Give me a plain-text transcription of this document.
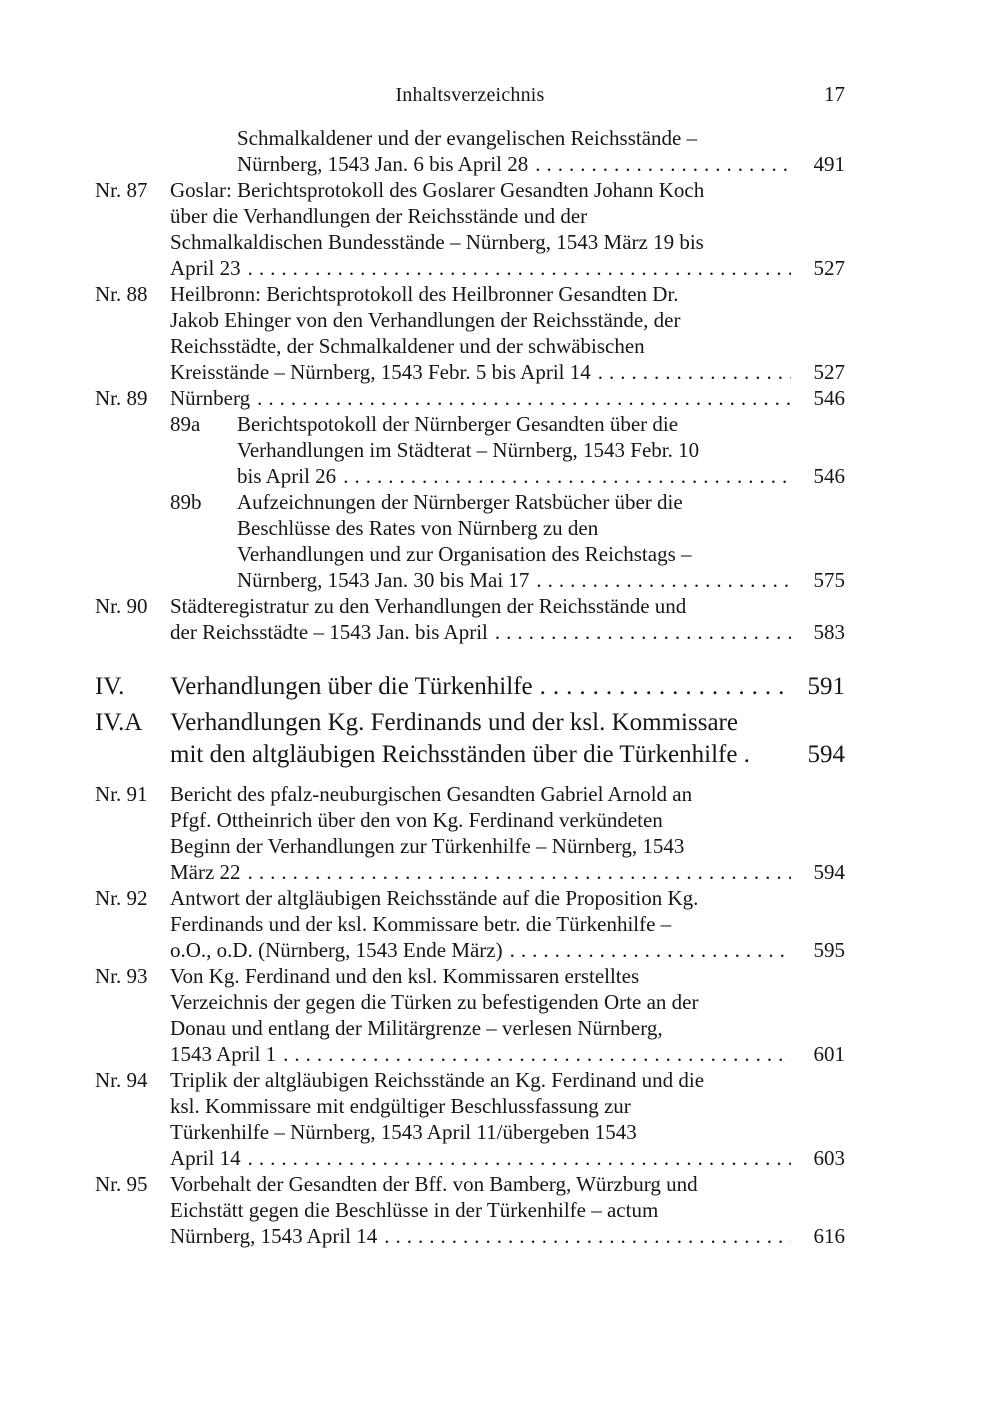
17
Inhaltsverzeichnis
Schmalkaldener und der evangelischen Reichsstände –
Nürnberg, 1543 Jan. 6 bis April 28 .....	491
Nr. 87	Goslar: Berichtsprotokoll des Goslarer Gesandten Johann Koch
über die Verhandlungen der Reichsstände und der
Schmalkaldischen Bundesstände – Nürnberg, 1543 März 19 bis
April 23 .....	527
Nr. 88	Heilbronn: Berichtsprotokoll des Heilbronner Gesandten Dr.
Jakob Ehinger von den Verhandlungen der Reichsstände, der
Reichsstädte, der Schmalkaldener und der schwäbischen
Kreisstände – Nürnberg, 1543 Febr. 5 bis April 14 .....	527
Nr. 89	Nürnberg .....	546
89a	Berichtspotokoll der Nürnberger Gesandten über die
Verhandlungen im Städterat – Nürnberg, 1543 Febr. 10
bis April 26 .....	546
89b	Aufzeichnungen der Nürnberger Ratsbücher über die
Beschlüsse des Rates von Nürnberg zu den
Verhandlungen und zur Organisation des Reichstags –
Nürnberg, 1543 Jan. 30 bis Mai 17 .....	575
Nr. 90	Städteregistratur zu den Verhandlungen der Reichsstände und
der Reichsstädte – 1543 Jan. bis April .....	583
IV.	Verhandlungen über die Türkenhilfe .....	591
IV.A	Verhandlungen Kg. Ferdinands und der ksl. Kommissare
mit den altgläubigen Reichsständen über die Türkenhilfe . 594
Nr. 91	Bericht des pfalz-neuburgischen Gesandten Gabriel Arnold an
Pfgf. Ottheinrich über den von Kg. Ferdinand verkündeten
Beginn der Verhandlungen zur Türkenhilfe – Nürnberg, 1543
März 22 .....	594
Nr. 92	Antwort der altgläubigen Reichsstände auf die Proposition Kg.
Ferdinands und der ksl. Kommissare betr. die Türkenhilfe –
o.O., o.D. (Nürnberg, 1543 Ende März) .....	595
Nr. 93	Von Kg. Ferdinand und den ksl. Kommissaren erstelltes
Verzeichnis der gegen die Türken zu befestigenden Orte an der
Donau und entlang der Militärgrenze – verlesen Nürnberg,
1543 April 1 .....	601
Nr. 94	Triplik der altgläubigen Reichsstände an Kg. Ferdinand und die
ksl. Kommissare mit endgültiger Beschlussfassung zur
Türkenhilfe – Nürnberg, 1543 April 11/übergeben 1543
April 14 .....	603
Nr. 95	Vorbehalt der Gesandten der Bff. von Bamberg, Würzburg und
Eichstätt gegen die Beschlüsse in der Türkenhilfe – actum
Nürnberg, 1543 April 14 .....	616
